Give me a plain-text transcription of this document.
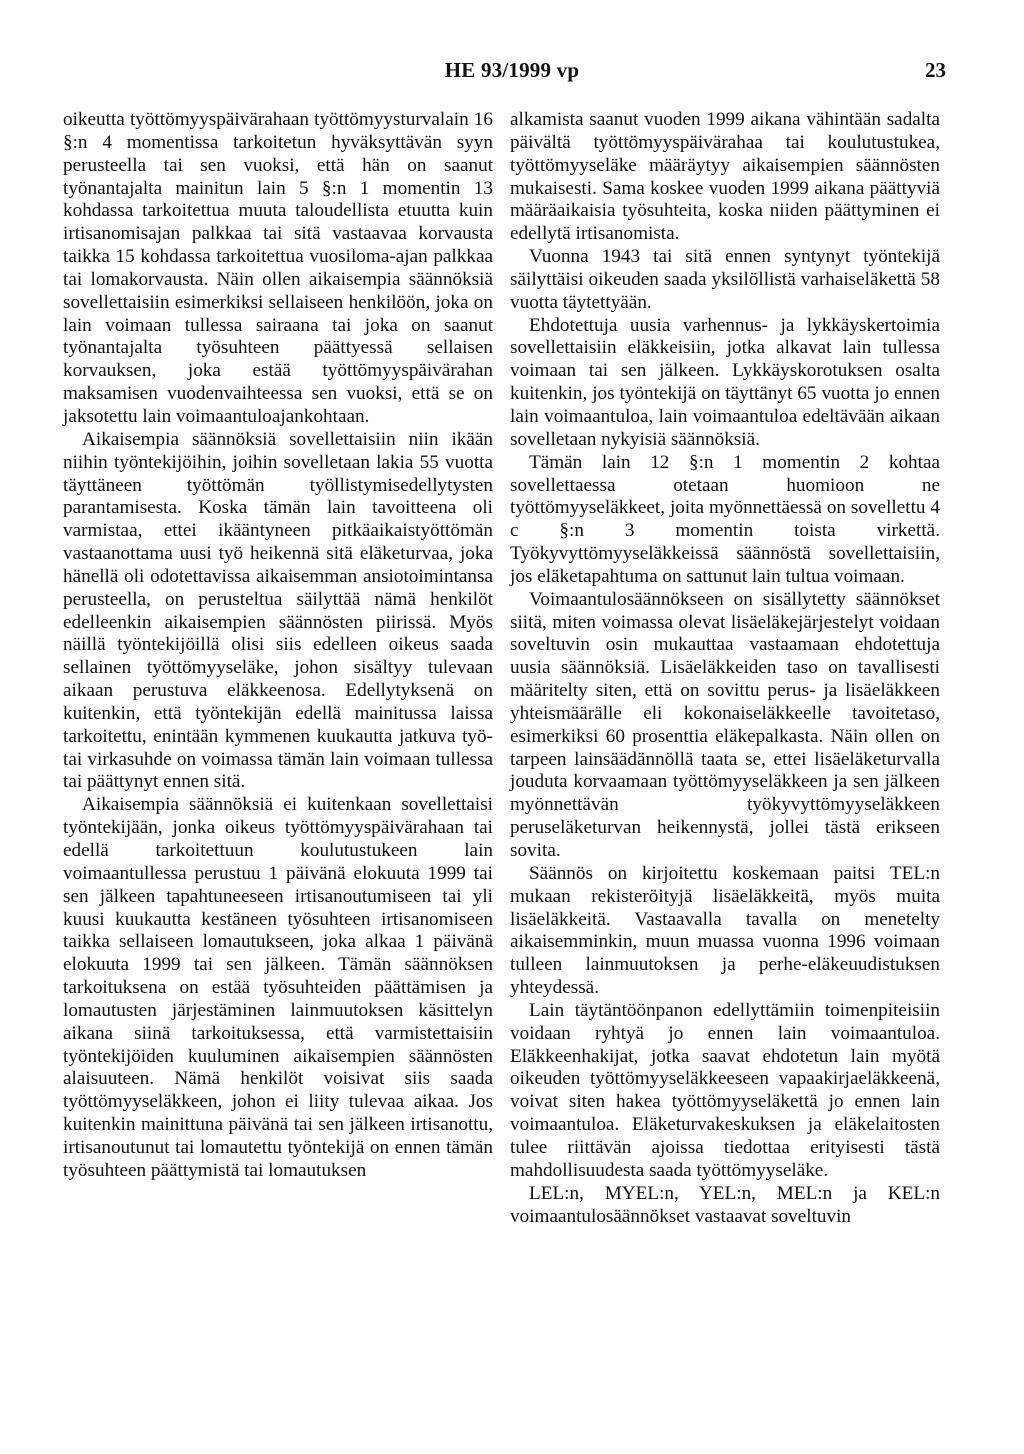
HE 93/1999 vp	23

oikeutta työttömyyspäivärahaan työttömyysturvalain 16 §:n 4 momentissa tarkoitetun hyväksyttävän syyn perusteella tai sen vuoksi, että hän on saanut työnantajalta mainitun lain 5 §:n 1 momentin 13 kohdassa tarkoitettua muuta taloudellista etuutta kuin irtisanomisajan palkkaa tai sitä vastaavaa korvausta taikka 15 kohdassa tarkoitettua vuosiloma-ajan palkkaa tai lomakorvausta. Näin ollen aikaisempia säännöksiä sovellettaisiin esimerkiksi sellaiseen henkilöön, joka on lain voimaan tullessa sairaana tai joka on saanut työnantajalta työsuhteen päättyessä sellaisen korvauksen, joka estää työttömyyspäivärahan maksamisen vuodenvaihteessa sen vuoksi, että se on jaksotettu lain voimaantuloajankohtaan.

Aikaisempia säännöksiä sovellettaisiin niin ikään niihin työntekijöihin, joihin sovelletaan lakia 55 vuotta täyttäneen työttömän työllistymisedellytysten parantamisesta. Koska tämän lain tavoitteena oli varmistaa, ettei ikääntyneen pitkäaikaistyöttömän vastaanottama uusi työ heikennä sitä eläketurvaa, joka hänellä oli odotettavissa aikaisemman ansiotoimintansa perusteella, on perusteltua säilyttää nämä henkilöt edelleenkin aikaisempien säännösten piirissä. Myös näillä työntekijöillä olisi siis edelleen oikeus saada sellainen työttömyyseläke, johon sisältyy tulevaan aikaan perustuva eläkkeenosa. Edellytyksenä on kuitenkin, että työntekijän edellä mainitussa laissa tarkoitettu, enintään kymmenen kuukautta jatkuva työ- tai virkasuhde on voimassa tämän lain voimaan tullessa tai päättynyt ennen sitä.

Aikaisempia säännöksiä ei kuitenkaan sovellettaisi työntekijään, jonka oikeus työttömyyspäivärahaan tai edellä tarkoitettuun koulutustukeen lain voimaantullessa perustuu 1 päivänä elokuuta 1999 tai sen jälkeen tapahtuneeseen irtisanoutumiseen tai yli kuusi kuukautta kestäneen työsuhteen irtisanomiseen taikka sellaiseen lomautukseen, joka alkaa 1 päivänä elokuuta 1999 tai sen jälkeen. Tämän säännöksen tarkoituksena on estää työsuhteiden päättämisen ja lomautusten järjestäminen lainmuutoksen käsittelyn aikana siinä tarkoituksessa, että varmistettaisiin työntekijöiden kuuluminen aikaisempien säännösten alaisuuteen. Nämä henkilöt voisivat siis saada työttömyyseläkkeen, johon ei liity tulevaa aikaa. Jos kuitenkin mainittuna päivänä tai sen jälkeen irtisanottu, irtisanoutunut tai lomautettu työntekijä on ennen tämän työsuhteen päättymistä tai lomautuksen

alkamista saanut vuoden 1999 aikana vähintään sadalta päivältä työttömyyspäivärahaa tai koulutustukea, työttömyyseläke määräytyy aikaisempien säännösten mukaisesti. Sama koskee vuoden 1999 aikana päättyviä määräaikaisia työsuhteita, koska niiden päättyminen ei edellytä irtisanomista.

Vuonna 1943 tai sitä ennen syntynyt työntekijä säilyttäisi oikeuden saada yksilöllistä varhaiseläkettä 58 vuotta täytettyään.

Ehdotettuja uusia varhennus- ja lykkäyskertoimia sovellettaisiin eläkkeisiin, jotka alkavat lain tullessa voimaan tai sen jälkeen. Lykkäyskorotuksen osalta kuitenkin, jos työntekijä on täyttänyt 65 vuotta jo ennen lain voimaantuloa, lain voimaantuloa edeltävään aikaan sovelletaan nykyisiä säännöksiä.

Tämän lain 12 §:n 1 momentin 2 kohtaa sovellettaessa otetaan huomioon ne työttömyyseläkkeet, joita myönnettäessä on sovellettu 4 c §:n 3 momentin toista virkettä. Työkyvyttömyyseläkkeissä säännöstä sovellettaisiin, jos eläketapahtuma on sattunut lain tultua voimaan.

Voimaantulosäännökseen on sisällytetty säännökset siitä, miten voimassa olevat lisäeläkejärjestelyt voidaan soveltuvin osin mukauttaa vastaamaan ehdotettuja uusia säännöksiä. Lisäeläkkeiden taso on tavallisesti määritelty siten, että on sovittu perus- ja lisäeläkkeen yhteismäärälle eli kokonaiseläkkeelle tavoitetaso, esimerkiksi 60 prosenttia eläkepalkasta. Näin ollen on tarpeen lainsäädännöllä taata se, ettei lisäeläketurvalla jouduta korvaamaan työttömyyseläkkeen ja sen jälkeen myönnettävän työkyvyttömyyseläkkeen peruseläketurvan heikennystä, jollei tästä erikseen sovita.

Säännös on kirjoitettu koskemaan paitsi TEL:n mukaan rekisteröityjä lisäeläkkeitä, myös muita lisäeläkkeitä. Vastaavalla tavalla on menetelty aikaisemminkin, muun muassa vuonna 1996 voimaan tulleen lainmuutoksen ja perhe-eläkeuudistuksen yhteydessä.

Lain täytäntöönpanon edellyttämiin toimenpiteisiin voidaan ryhtyä jo ennen lain voimaantuloa. Eläkkeenhakijat, jotka saavat ehdotetun lain myötä oikeuden työttömyyseläkkeeseen vapaakirjaeläkkeenä, voivat siten hakea työttömyyseläkettä jo ennen lain voimaantuloa. Eläketurvakeskuksen ja eläkelaitosten tulee riittävän ajoissa tiedottaa erityisesti tästä mahdollisuudesta saada työttömyyseläke.

LEL:n, MYEL:n, YEL:n, MEL:n ja KEL:n voimaantulosäännökset vastaavat soveltuvin
